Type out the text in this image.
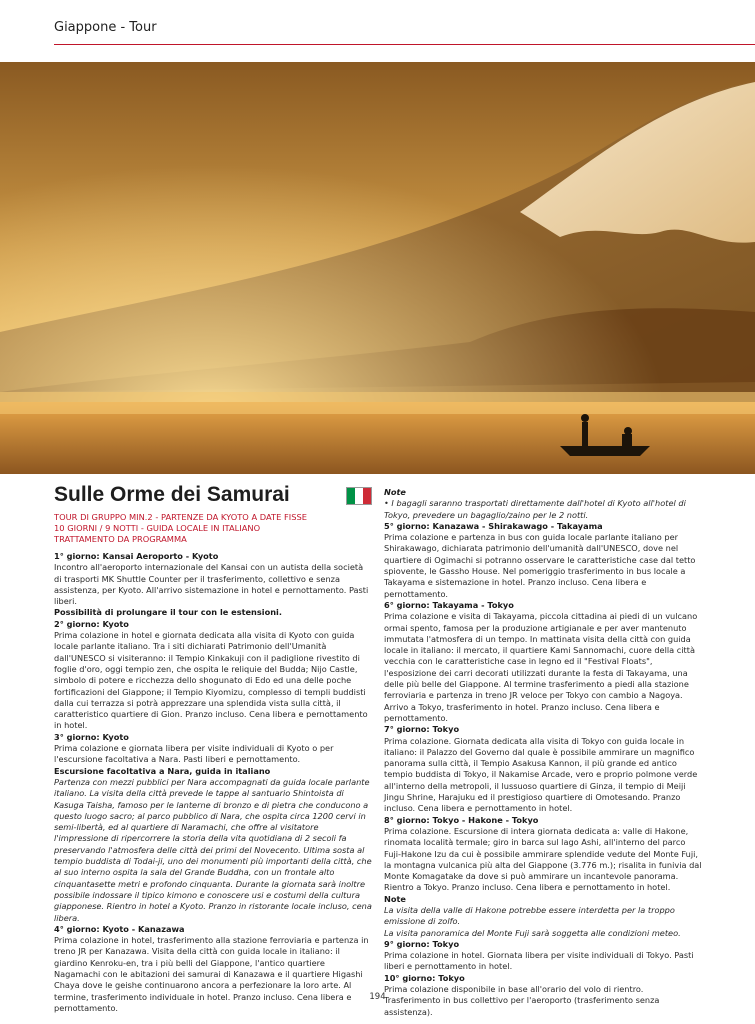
Giappone - Tour
Sulle Orme dei Samurai
TOUR DI GRUPPO MIN.2 - PARTENZE DA KYOTO A DATE FISSE
10 GIORNI / 9 NOTTI - GUIDA LOCALE IN ITALIANO
TRATTAMENTO DA PROGRAMMA
1° giorno: Kansai Aeroporto - Kyoto
Incontro all'aeroporto internazionale del Kansai con un autista della società di trasporti MK Shuttle Counter per il trasferimento, collettivo e senza assistenza, per Kyoto. All'arrivo sistemazione in hotel e pernottamento. Pasti liberi.
Possibilità di prolungare il tour con le estensioni.
2° giorno: Kyoto
Prima colazione in hotel e giornata dedicata alla visita di Kyoto con guida locale parlante italiano. Tra i siti dichiarati Patrimonio dell'Umanità dall'UNESCO si visiteranno: il Tempio Kinkakuji con il padiglione rivestito di foglie d'oro, oggi tempio zen, che ospita le reliquie del Budda; Nijo Castle, simbolo di potere e ricchezza dello shogunato di Edo ed una delle poche fortificazioni del Giappone; il Tempio Kiyomizu, complesso di templi buddisti dalla cui terrazza si potrà apprezzare una splendida vista sulla città, il caratteristico quartiere di Gion. Pranzo incluso. Cena libera e pernottamento in hotel.
3° giorno: Kyoto
Prima colazione e giornata libera per visite individuali di Kyoto o per l'escursione facoltativa a Nara. Pasti liberi e pernottamento.
Escursione facoltativa a Nara, guida in italiano
Partenza con mezzi pubblici per Nara accompagnati da guida locale parlante italiano. La visita della città prevede le tappe al santuario Shintoista di Kasuga Taisha, famoso per le lanterne di bronzo e di pietra che conducono a questo luogo sacro; al parco pubblico di Nara, che ospita circa 1200 cervi in semi-libertà, ed al quartiere di Naramachi, che offre al visitatore l'impressione di ripercorrere la storia della vita quotidiana di 2 secoli fa preservando l'atmosfera delle città dei primi del Novecento. Ultima sosta al tempio buddista di Todai-ji, uno dei monumenti più importanti della città, che al suo interno ospita la sala del Grande Buddha, con un frontale alto cinquantasette metri e profondo cinquanta. Durante la giornata sarà inoltre possibile indossare il tipico kimono e conoscere usi e costumi della cultura giapponese. Rientro in hotel a Kyoto. Pranzo in ristorante locale incluso, cena libera.
4° giorno: Kyoto - Kanazawa
Prima colazione in hotel, trasferimento alla stazione ferroviaria e partenza in treno JR per Kanazawa. Visita della città con guida locale in italiano: il giardino Kenroku-en, tra i più belli del Giappone, l'antico quartiere Nagamachi con le abitazioni dei samurai di Kanazawa e il quartiere Higashi Chaya dove le geishe continuarono ancora a perfezionare la loro arte. Al termine, trasferimento individuale in hotel. Pranzo incluso. Cena libera e pernottamento.
Note
• I bagagli saranno trasportati direttamente dall'hotel di Kyoto all'hotel di Tokyo, prevedere un bagaglio/zaino per le 2 notti.
5° giorno: Kanazawa - Shirakawago - Takayama
Prima colazione e partenza in bus con guida locale parlante italiano per Shirakawago, dichiarata patrimonio dell'umanità dall'UNESCO, dove nel quartiere di Ogimachi si potranno osservare le caratteristiche case dal tetto spiovente, le Gassho House. Nel pomeriggio trasferimento in bus locale a Takayama e sistemazione in hotel. Pranzo incluso. Cena libera e pernottamento.
6° giorno: Takayama - Tokyo
Prima colazione e visita di Takayama, piccola cittadina ai piedi di un vulcano ormai spento, famosa per la produzione artigianale e per aver mantenuto immutata l'atmosfera di un tempo. In mattinata visita della città con guida locale in italiano: il mercato, il quartiere Kami Sannomachi, cuore della città vecchia con le caratteristiche case in legno ed il "Festival Floats", l'esposizione dei carri decorati utilizzati durante la festa di Takayama, una delle più belle del Giappone. Al termine trasferimento a piedi alla stazione ferroviaria e partenza in treno JR veloce per Tokyo con cambio a Nagoya. Arrivo a Tokyo, trasferimento in hotel. Pranzo incluso. Cena libera e pernottamento.
7° giorno: Tokyo
Prima colazione. Giornata dedicata alla visita di Tokyo con guida locale in italiano: il Palazzo del Governo dal quale è possibile ammirare un magnifico panorama sulla città, il Tempio Asakusa Kannon, il più grande ed antico tempio buddista di Tokyo, il Nakamise Arcade, vero e proprio polmone verde all'interno della metropoli, il lussuoso quartiere di Ginza, il tempio di Meiji Jingu Shrine, Harajuku ed il prestigioso quartiere di Omotesando. Pranzo incluso. Cena libera e pernottamento in hotel.
8° giorno: Tokyo - Hakone - Tokyo
Prima colazione. Escursione di intera giornata dedicata a: valle di Hakone, rinomata località termale; giro in barca sul lago Ashi, all'interno del parco Fuji-Hakone Izu da cui è possibile ammirare splendide vedute del Monte Fuji, la montagna vulcanica più alta del Giappone (3.776 m.); risalita in funivia dal Monte Komagatake da dove si può ammirare un incantevole panorama. Rientro a Tokyo. Pranzo incluso. Cena libera e pernottamento in hotel.
Note
La visita della valle di Hakone potrebbe essere interdetta per la troppo emissione di zolfo.
La visita panoramica del Monte Fuji sarà soggetta alle condizioni meteo.
9° giorno: Tokyo
Prima colazione in hotel. Giornata libera per visite individuali di Tokyo. Pasti liberi e pernottamento in hotel.
10° giorno: Tokyo
Prima colazione disponibile in base all'orario del volo di rientro. Trasferimento in bus collettivo per l'aeroporto (trasferimento senza assistenza).
194
